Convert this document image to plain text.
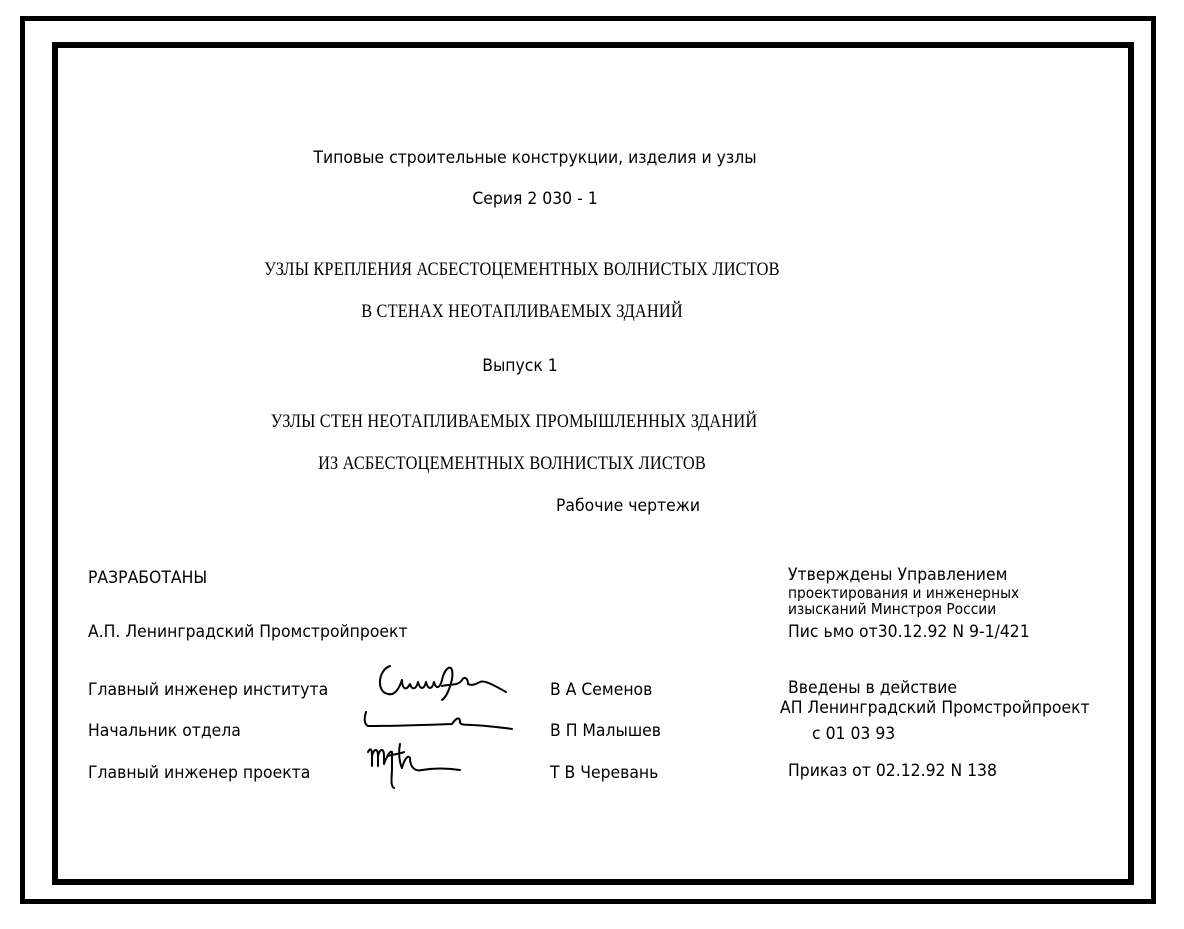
Типовые строительные конструкции, изделия и узлы
Серия 2 030 - 1
УЗЛЫ КРЕПЛЕНИЯ АСБЕСТОЦЕМЕНТНЫХ ВОЛНИСТЫХ ЛИСТОВ
В СТЕНАХ НЕОТАПЛИВАЕМЫХ ЗДАНИЙ
Выпуск 1
УЗЛЫ СТЕН НЕОТАПЛИВАЕМЫХ ПРОМЫШЛЕННЫХ ЗДАНИЙ
ИЗ АСБЕСТОЦЕМЕНТНЫХ ВОЛНИСТЫХ ЛИСТОВ
Рабочие чертежи
РАЗРАБОТАНЫ
А.П. Ленинградский Промстройпроект
Главный инженер института
Начальник отдела
Главный инженер проекта
В А Семенов
В П Малышев
Т В Черевань
Утверждены Управлением
проектирования и инженерных
изысканий Минстроя России
Пис ьмо от30.12.92 N 9-1/421
Введены в действие
АП Ленинградский Промстройпроект
с 01 03 93
Приказ от 02.12.92 N 138
